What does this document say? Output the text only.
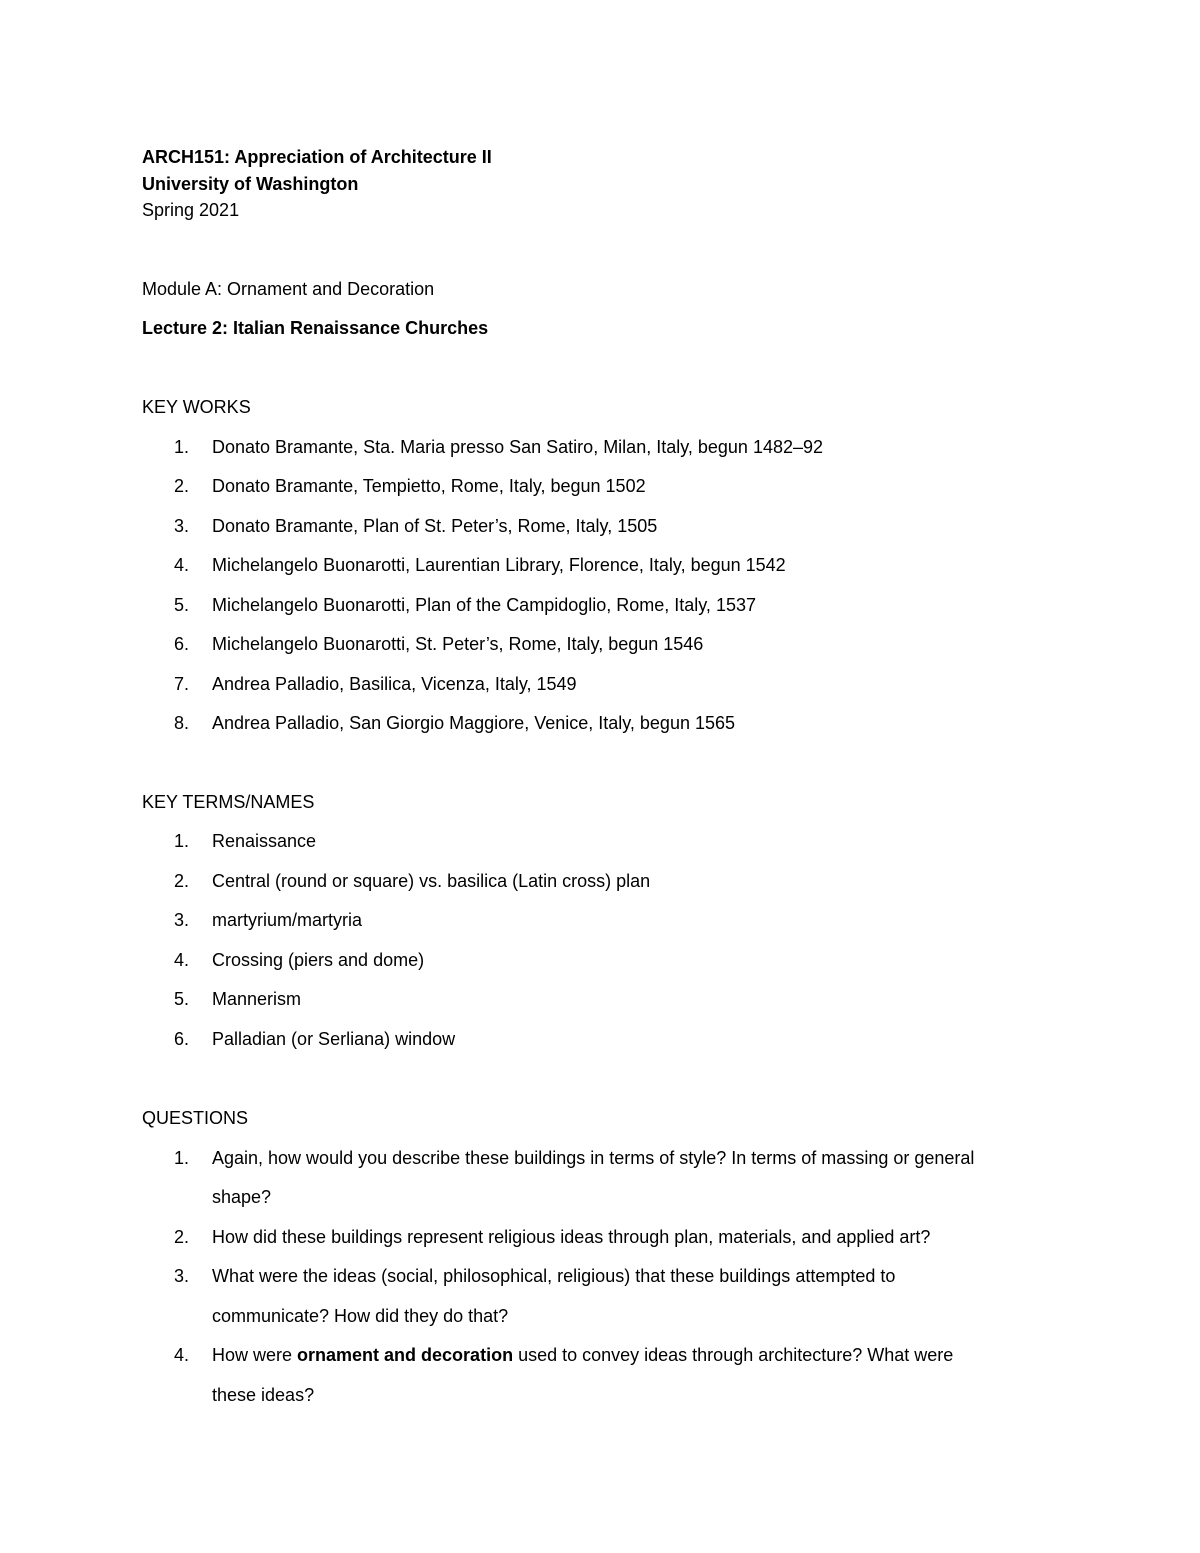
ARCH151: Appreciation of Architecture II
University of Washington
Spring 2021
Module A: Ornament and Decoration
Lecture 2: Italian Renaissance Churches
KEY WORKS
1. Donato Bramante, Sta. Maria presso San Satiro, Milan, Italy, begun 1482–92
2. Donato Bramante, Tempietto, Rome, Italy, begun 1502
3. Donato Bramante, Plan of St. Peter’s, Rome, Italy, 1505
4. Michelangelo Buonarotti, Laurentian Library, Florence, Italy, begun 1542
5. Michelangelo Buonarotti, Plan of the Campidoglio, Rome, Italy, 1537
6. Michelangelo Buonarotti, St. Peter’s, Rome, Italy, begun 1546
7. Andrea Palladio, Basilica, Vicenza, Italy, 1549
8. Andrea Palladio, San Giorgio Maggiore, Venice, Italy, begun 1565
KEY TERMS/NAMES
1. Renaissance
2. Central (round or square) vs. basilica (Latin cross) plan
3. martyrium/martyria
4. Crossing (piers and dome)
5. Mannerism
6. Palladian (or Serliana) window
QUESTIONS
1. Again, how would you describe these buildings in terms of style? In terms of massing or general
shape?
2. How did these buildings represent religious ideas through plan, materials, and applied art?
3. What were the ideas (social, philosophical, religious) that these buildings attempted to
communicate? How did they do that?
4. How were ornament and decoration used to convey ideas through architecture? What were
these ideas?
